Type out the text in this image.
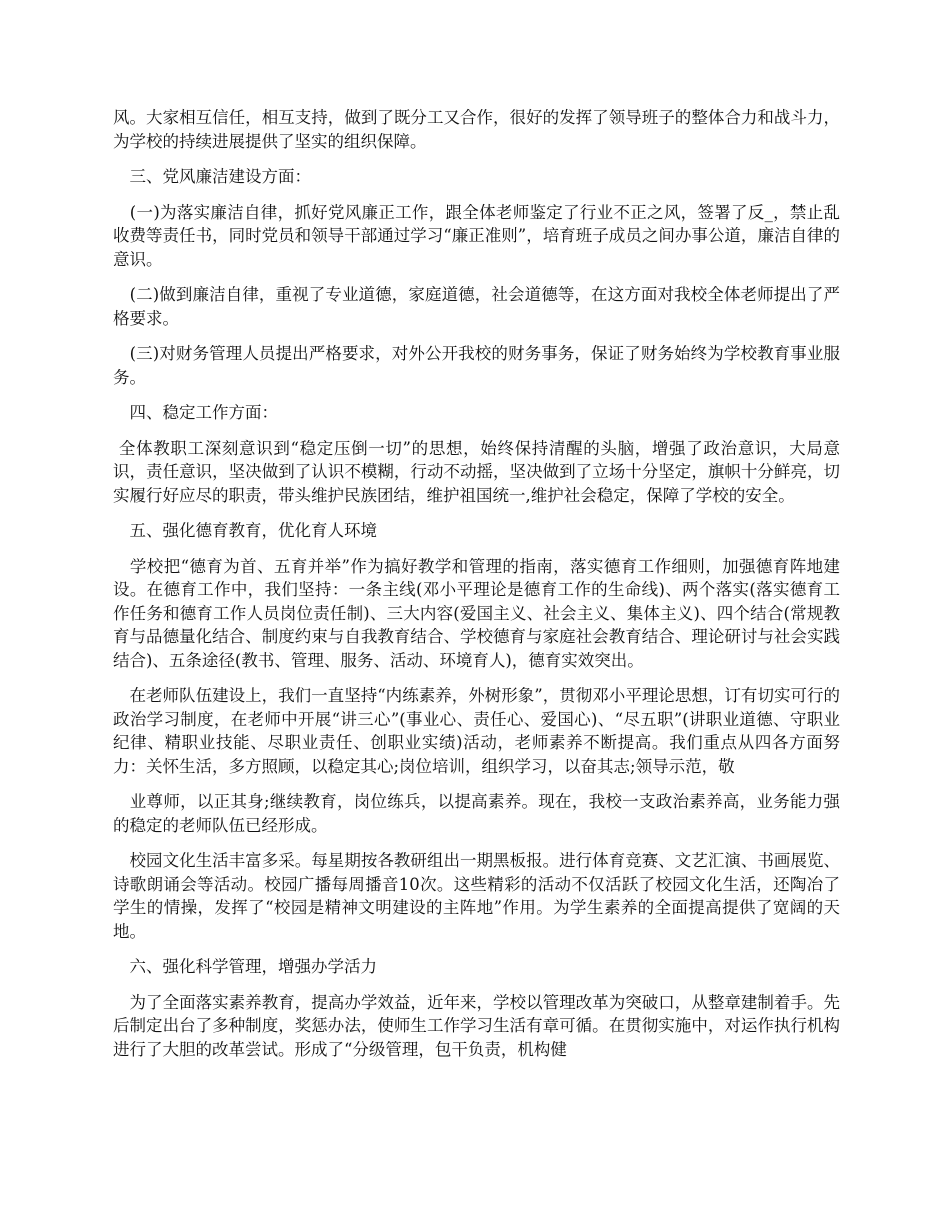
风。大家相互信任，相互支持，做到了既分工又合作，很好的发挥了领导班子的整体合力和战斗力，为学校的持续进展提供了坚实的组织保障。

　三、党风廉洁建设方面：

　(一)为落实廉洁自律，抓好党风廉正工作，跟全体老师鉴定了行业不正之风，签署了反_，禁止乱收费等责任书，同时党员和领导干部通过学习“廉正准则”，培育班子成员之间办事公道，廉洁自律的意识。

　(二)做到廉洁自律，重视了专业道德，家庭道德，社会道德等，在这方面对我校全体老师提出了严格要求。

　(三)对财务管理人员提出严格要求，对外公开我校的财务事务，保证了财务始终为学校教育事业服务。

　四、稳定工作方面：

全体教职工深刻意识到“稳定压倒一切”的思想，始终保持清醒的头脑，增强了政治意识，大局意识，责任意识，坚决做到了认识不模糊，行动不动摇，坚决做到了立场十分坚定，旗帜十分鲜亮，切实履行好应尽的职责，带头维护民族团结，维护祖国统一,维护社会稳定，保障了学校的安全。

　五、强化德育教育，优化育人环境

　学校把“德育为首、五育并举”作为搞好教学和管理的指南，落实德育工作细则，加强德育阵地建设。在德育工作中，我们坚持：一条主线(邓小平理论是德育工作的生命线)、两个落实(落实德育工作任务和德育工作人员岗位责任制)、三大内容(爱国主义、社会主义、集体主义)、四个结合(常规教育与品德量化结合、制度约束与自我教育结合、学校德育与家庭社会教育结合、理论研讨与社会实践结合)、五条途径(教书、管理、服务、活动、环境育人)，德育实效突出。

　在老师队伍建设上，我们一直坚持“内练素养，外树形象”，贯彻邓小平理论思想，订有切实可行的政治学习制度，在老师中开展“讲三心”(事业心、责任心、爱国心)、“尽五职”(讲职业道德、守职业纪律、精职业技能、尽职业责任、创职业实绩)活动，老师素养不断提高。我们重点从四各方面努力：关怀生活，多方照顾，以稳定其心;岗位培训，组织学习，以奋其志;领导示范，敬

　业尊师，以正其身;继续教育，岗位练兵，以提高素养。现在，我校一支政治素养高，业务能力强的稳定的老师队伍已经形成。

　校园文化生活丰富多采。每星期按各教研组出一期黑板报。进行体育竞赛、文艺汇演、书画展览、诗歌朗诵会等活动。校园广播每周播音10次。这些精彩的活动不仅活跃了校园文化生活，还陶冶了学生的情操，发挥了“校园是精神文明建设的主阵地”作用。为学生素养的全面提高提供了宽阔的天地。

　六、强化科学管理，增强办学活力

　为了全面落实素养教育，提高办学效益，近年来，学校以管理改革为突破口，从整章建制着手。先后制定出台了多种制度，奖惩办法，使师生工作学习生活有章可循。在贯彻实施中，对运作执行机构进行了大胆的改革尝试。形成了“分级管理，包干负责，机构健
